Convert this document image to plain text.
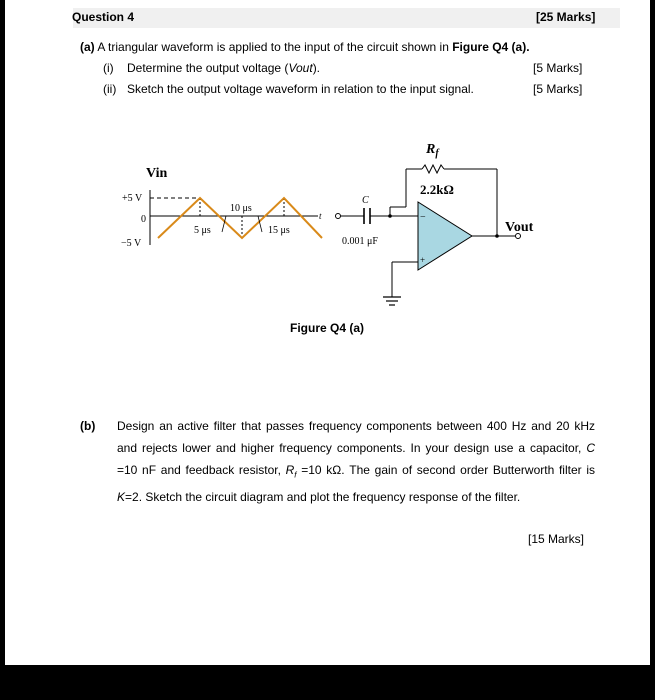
Question 4	[25 Marks]
(a) A triangular waveform is applied to the input of the circuit shown in Figure Q4 (a).
(i) Determine the output voltage (Vout).	[5 Marks]
(ii) Sketch the output voltage waveform in relation to the input signal.	[5 Marks]
Vin
+5 V
0
−5 V
5 μs
10 μs
15 μs
t
C
0.001 μF
$R_f$
2.2kΩ
−
+
Vout
Figure Q4 (a)
(b) Design an active filter that passes frequency components between 400 Hz and 20 kHz and rejects lower and higher frequency components. In your design use a capacitor, C =10 nF and feedback resistor, $R_f =10$ kΩ. The gain of second order Butterworth filter is K=2. Sketch the circuit diagram and plot the frequency response of the filter.

[15 Marks]
